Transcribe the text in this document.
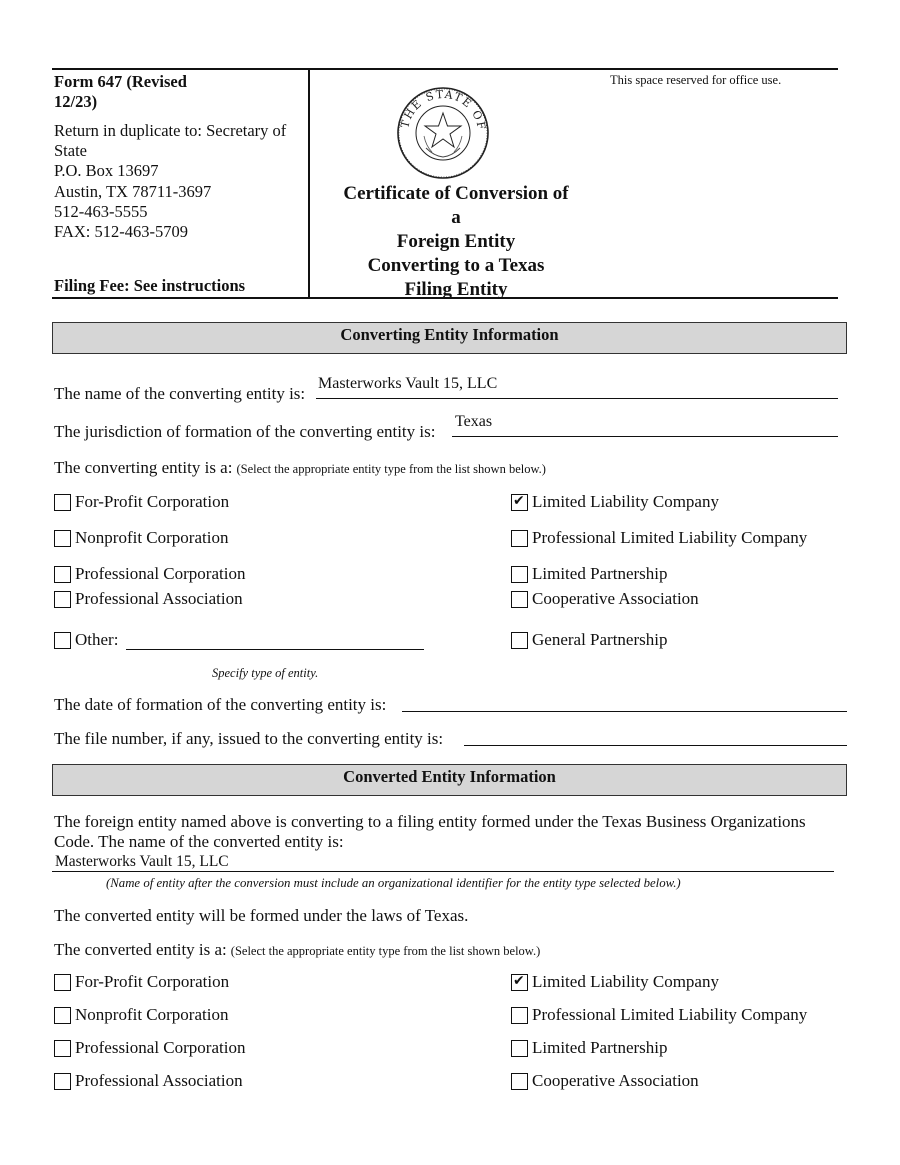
Form 647 (Revised
12/23)
Return in duplicate to: Secretary of
State
P.O. Box 13697
Austin, TX 78711-3697
512-463-5555
FAX: 512-463-5709
Filing Fee: See instructions
This space reserved for office use.
THE STATE OF
Certificate of Conversion of
a
Foreign Entity
Converting to a Texas
Filing Entity
Converting Entity Information
The name of the converting entity is:
Masterworks Vault 15, LLC
The jurisdiction of formation of the converting entity is:
Texas
The converting entity is a: (Select the appropriate entity type from the list shown below.)
For-Profit Corporation
Nonprofit Corporation
Professional Corporation
Professional Association
Other:
Specify type of entity.
✔
Limited Liability Company
Professional Limited Liability Company
Limited Partnership
Cooperative Association
General Partnership
The date of formation of the converting entity is:
The file number, if any, issued to the converting entity is:
Converted Entity Information
The foreign entity named above is converting to a filing entity formed under the Texas Business Organizations
Code. The name of the converted entity is:
Masterworks Vault 15, LLC
(Name of entity after the conversion must include an organizational identifier for the entity type selected below.)
The converted entity will be formed under the laws of Texas.
The converted entity is a: (Select the appropriate entity type from the list shown below.)
For-Profit Corporation
Nonprofit Corporation
Professional Corporation
Professional Association
✔
Limited Liability Company
Professional Limited Liability Company
Limited Partnership
Cooperative Association
